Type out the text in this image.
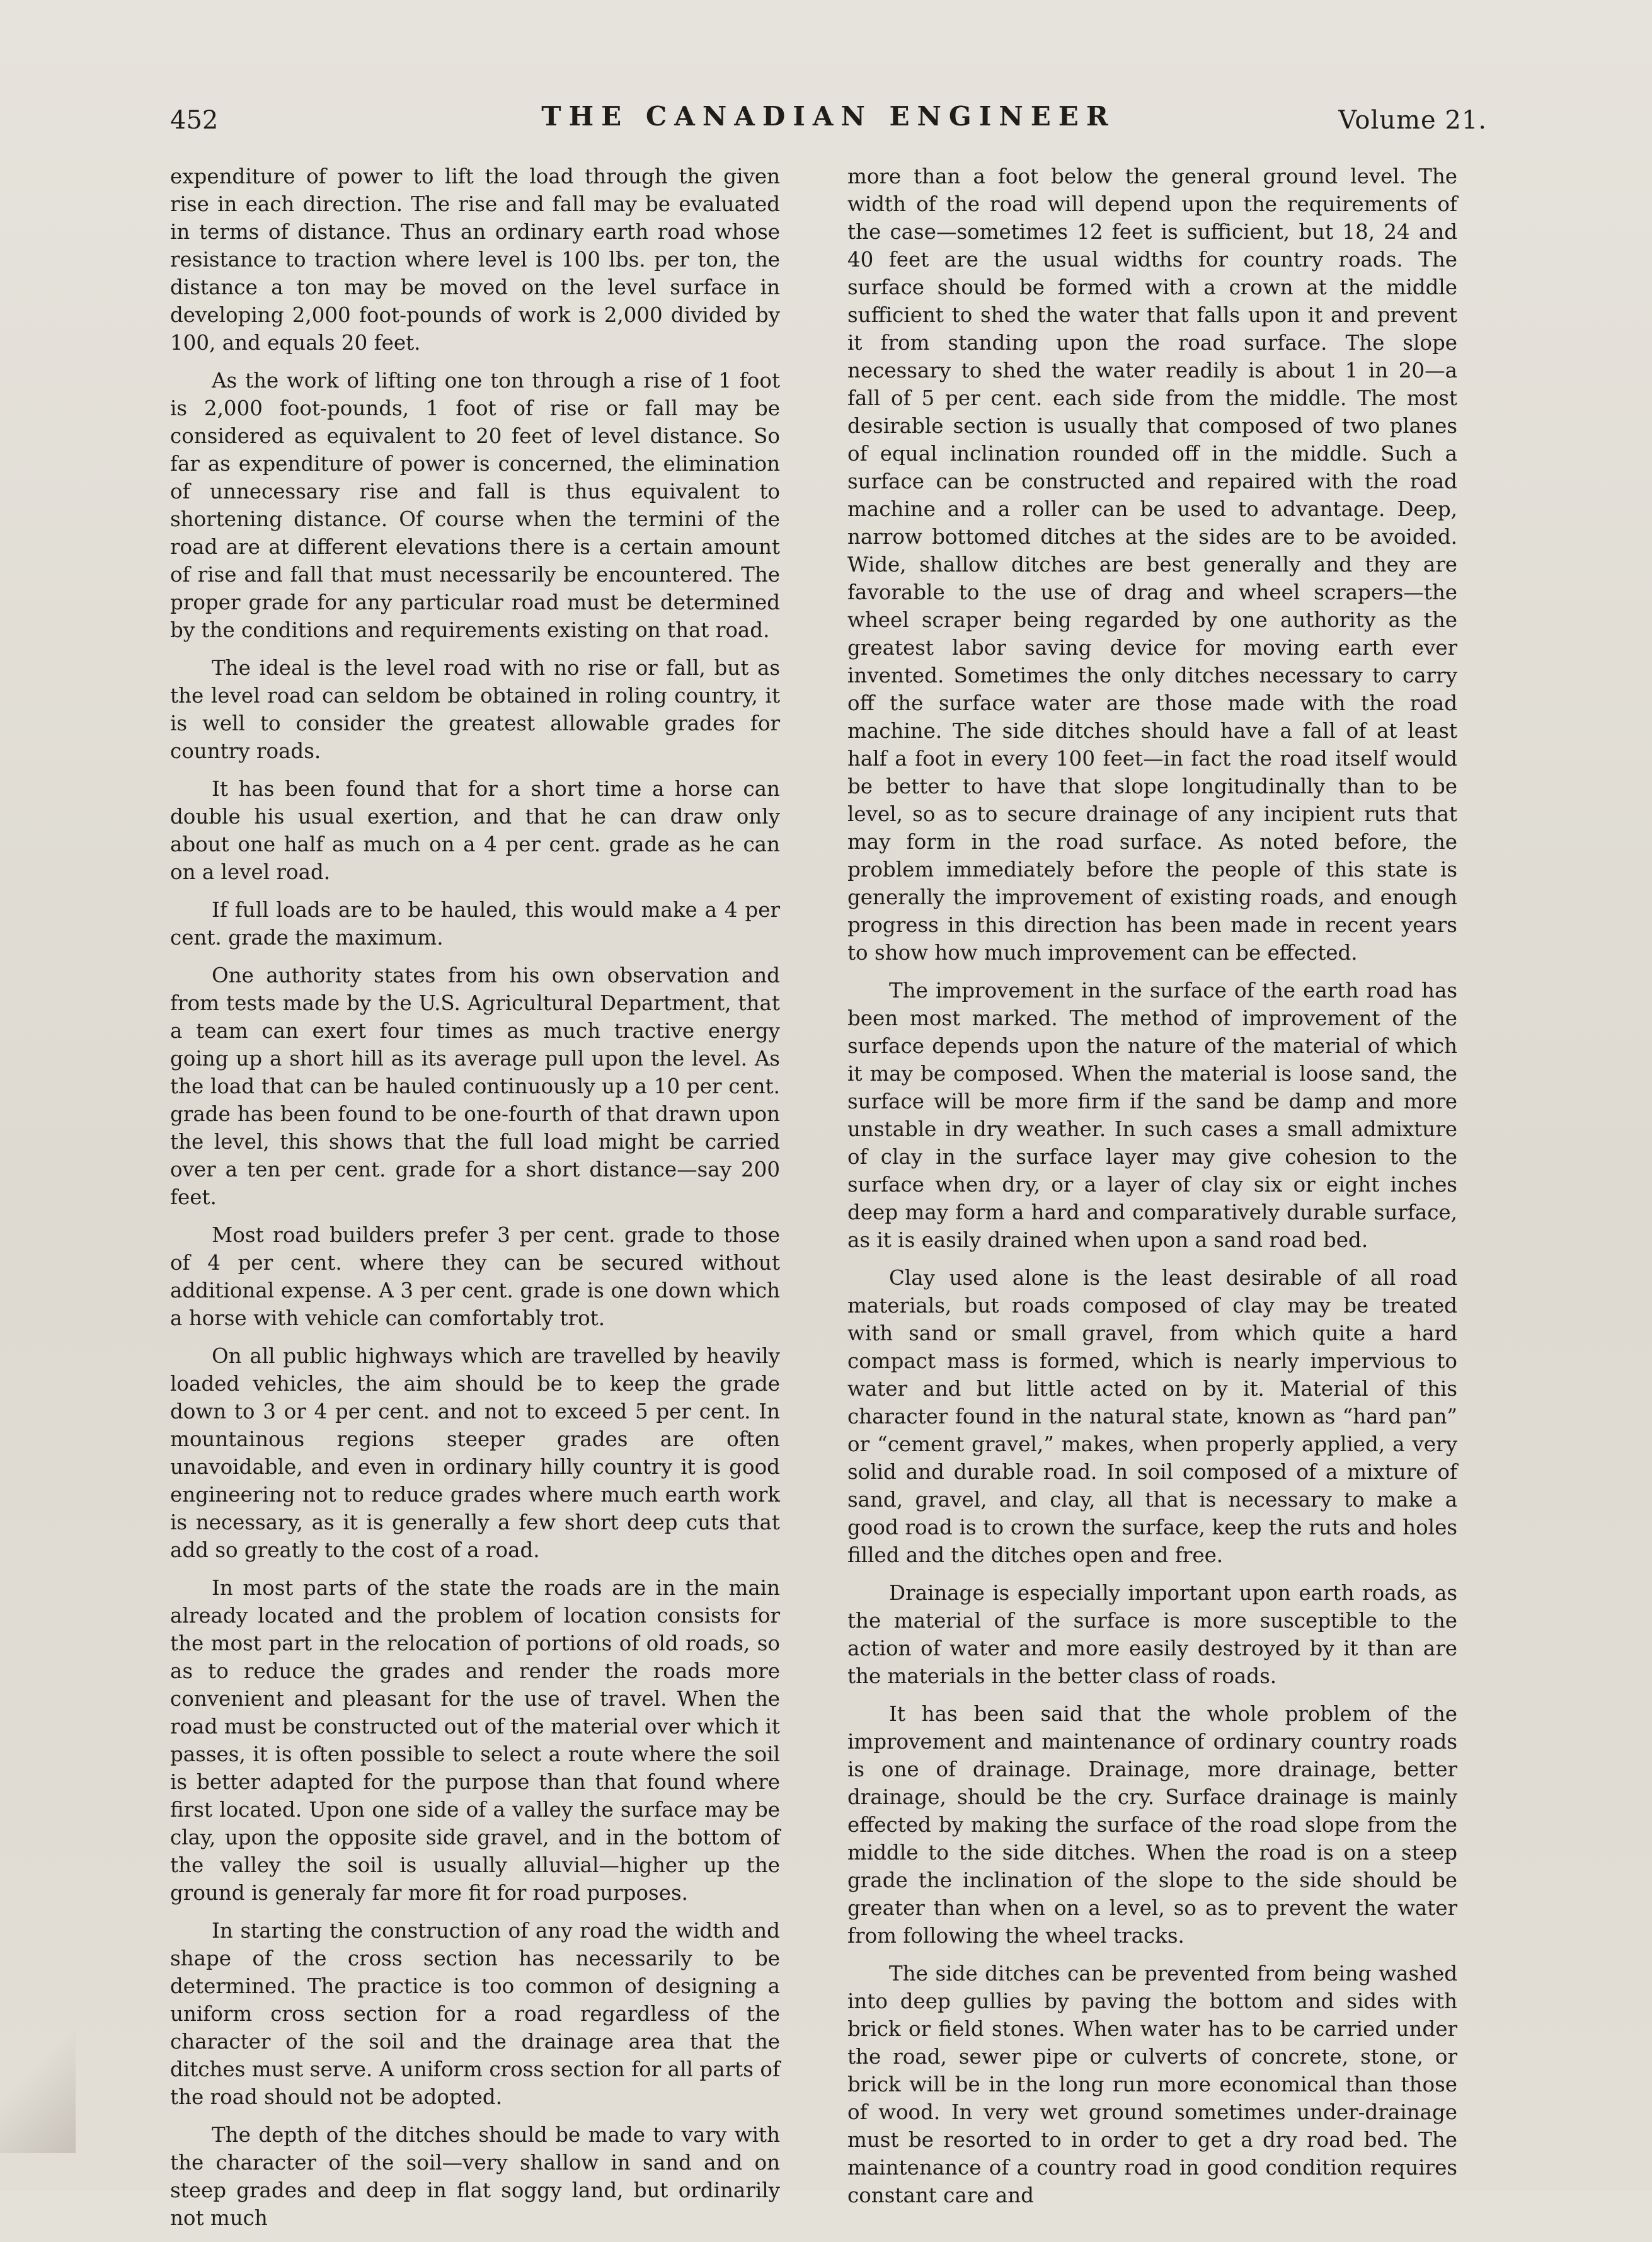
452	THE CANADIAN ENGINEER	Volume 21.

expenditure of power to lift the load through the given rise in each direction. The rise and fall may be evaluated in terms of distance. Thus an ordinary earth road whose resistance to traction where level is 100 lbs. per ton, the distance a ton may be moved on the level surface in developing 2,000 foot-pounds of work is 2,000 divided by 100, and equals 20 feet.

As the work of lifting one ton through a rise of 1 foot is 2,000 foot-pounds, 1 foot of rise or fall may be considered as equivalent to 20 feet of level distance. So far as expenditure of power is concerned, the elimination of unnecessary rise and fall is thus equivalent to shortening distance. Of course when the termini of the road are at different elevations there is a certain amount of rise and fall that must necessarily be encountered. The proper grade for any particular road must be determined by the conditions and requirements existing on that road.

The ideal is the level road with no rise or fall, but as the level road can seldom be obtained in roling country, it is well to consider the greatest allowable grades for country roads.

It has been found that for a short time a horse can double his usual exertion, and that he can draw only about one half as much on a 4 per cent. grade as he can on a level road.

If full loads are to be hauled, this would make a 4 per cent. grade the maximum.

One authority states from his own observation and from tests made by the U.S. Agricultural Department, that a team can exert four times as much tractive energy going up a short hill as its average pull upon the level. As the load that can be hauled continuously up a 10 per cent. grade has been found to be one-fourth of that drawn upon the level, this shows that the full load might be carried over a ten per cent. grade for a short distance—say 200 feet.

Most road builders prefer 3 per cent. grade to those of 4 per cent. where they can be secured without additional expense. A 3 per cent. grade is one down which a horse with vehicle can comfortably trot.

On all public highways which are travelled by heavily loaded vehicles, the aim should be to keep the grade down to 3 or 4 per cent. and not to exceed 5 per cent. In mountainous regions steeper grades are often unavoidable, and even in ordinary hilly country it is good engineering not to reduce grades where much earth work is necessary, as it is generally a few short deep cuts that add so greatly to the cost of a road.

In most parts of the state the roads are in the main already located and the problem of location consists for the most part in the relocation of portions of old roads, so as to reduce the grades and render the roads more convenient and pleasant for the use of travel. When the road must be constructed out of the material over which it passes, it is often possible to select a route where the soil is better adapted for the purpose than that found where first located. Upon one side of a valley the surface may be clay, upon the opposite side gravel, and in the bottom of the valley the soil is usually alluvial—higher up the ground is generaly far more fit for road purposes.

In starting the construction of any road the width and shape of the cross section has necessarily to be determined. The practice is too common of designing a uniform cross section for a road regardless of the character of the soil and the drainage area that the ditches must serve. A uniform cross section for all parts of the road should not be adopted.

The depth of the ditches should be made to vary with the character of the soil—very shallow in sand and on steep grades and deep in flat soggy land, but ordinarily not much

more than a foot below the general ground level. The width of the road will depend upon the requirements of the case—sometimes 12 feet is sufficient, but 18, 24 and 40 feet are the usual widths for country roads. The surface should be formed with a crown at the middle sufficient to shed the water that falls upon it and prevent it from standing upon the road surface. The slope necessary to shed the water readily is about 1 in 20—a fall of 5 per cent. each side from the middle. The most desirable section is usually that composed of two planes of equal inclination rounded off in the middle. Such a surface can be constructed and repaired with the road machine and a roller can be used to advantage. Deep, narrow bottomed ditches at the sides are to be avoided. Wide, shallow ditches are best generally and they are favorable to the use of drag and wheel scrapers—the wheel scraper being regarded by one authority as the greatest labor saving device for moving earth ever invented. Sometimes the only ditches necessary to carry off the surface water are those made with the road machine. The side ditches should have a fall of at least half a foot in every 100 feet—in fact the road itself would be better to have that slope longitudinally than to be level, so as to secure drainage of any incipient ruts that may form in the road surface. As noted before, the problem immediately before the people of this state is generally the improvement of existing roads, and enough progress in this direction has been made in recent years to show how much improvement can be effected.

The improvement in the surface of the earth road has been most marked. The method of improvement of the surface depends upon the nature of the material of which it may be composed. When the material is loose sand, the surface will be more firm if the sand be damp and more unstable in dry weather. In such cases a small admixture of clay in the surface layer may give cohesion to the surface when dry, or a layer of clay six or eight inches deep may form a hard and comparatively durable surface, as it is easily drained when upon a sand road bed.

Clay used alone is the least desirable of all road materials, but roads composed of clay may be treated with sand or small gravel, from which quite a hard compact mass is formed, which is nearly impervious to water and but little acted on by it. Material of this character found in the natural state, known as “hard pan” or “cement gravel,” makes, when properly applied, a very solid and durable road. In soil composed of a mixture of sand, gravel, and clay, all that is necessary to make a good road is to crown the surface, keep the ruts and holes filled and the ditches open and free.

Drainage is especially important upon earth roads, as the material of the surface is more susceptible to the action of water and more easily destroyed by it than are the materials in the better class of roads.

It has been said that the whole problem of the improvement and maintenance of ordinary country roads is one of drainage. Drainage, more drainage, better drainage, should be the cry. Surface drainage is mainly effected by making the surface of the road slope from the middle to the side ditches. When the road is on a steep grade the inclination of the slope to the side should be greater than when on a level, so as to prevent the water from following the wheel tracks.

The side ditches can be prevented from being washed into deep gullies by paving the bottom and sides with brick or field stones. When water has to be carried under the road, sewer pipe or culverts of concrete, stone, or brick will be in the long run more economical than those of wood. In very wet ground sometimes under-drainage must be resorted to in order to get a dry road bed. The maintenance of a country road in good condition requires constant care and
